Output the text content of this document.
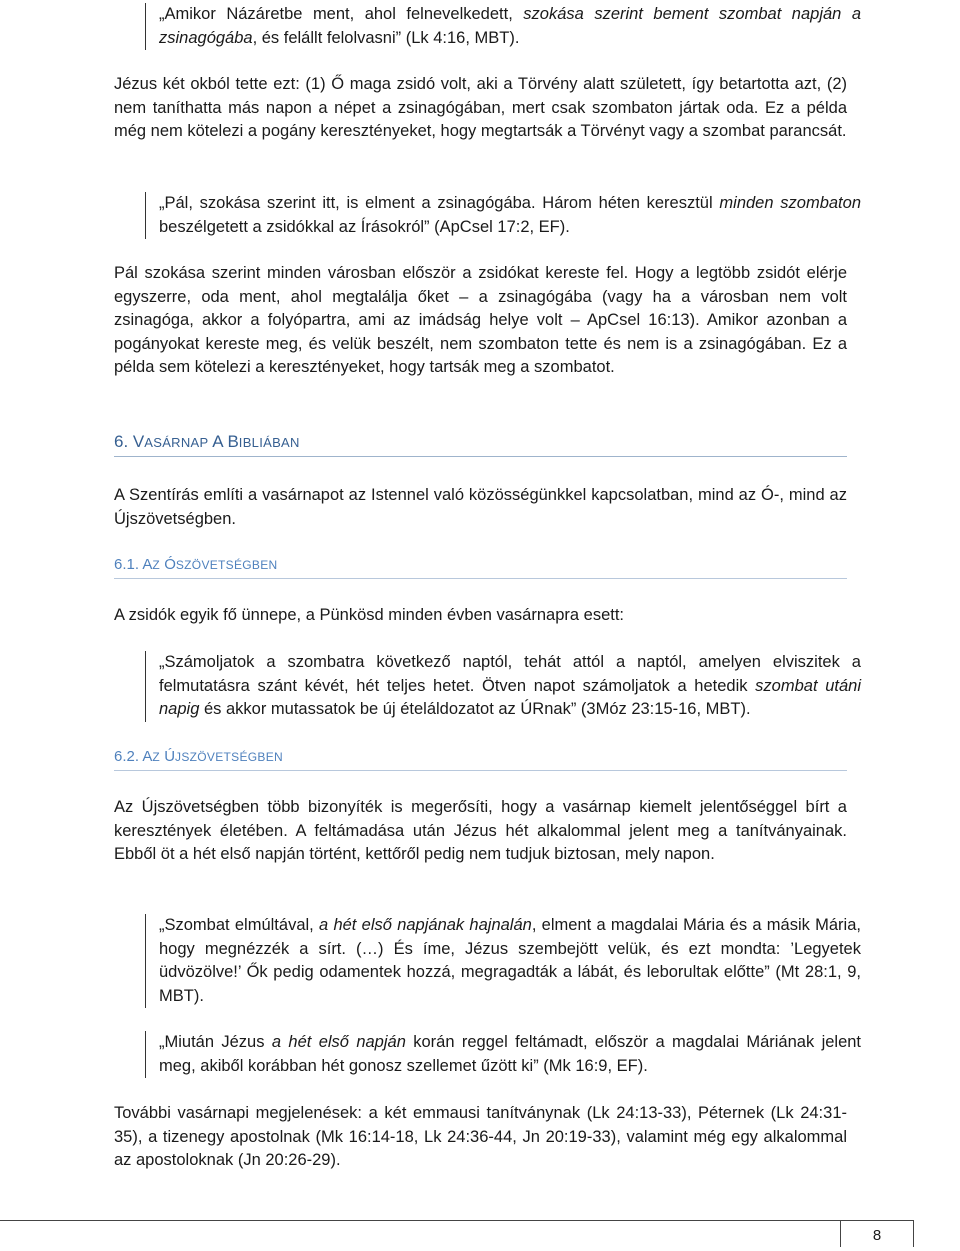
„Amikor Názáretbe ment, ahol felnevelkedett, szokása szerint bement szombat napján a zsinagógába, és felállt felolvasni” (Lk 4:16, MBT).

Jézus két okból tette ezt: (1) Ő maga zsidó volt, aki a Törvény alatt született, így betartotta azt, (2) nem taníthatta más napon a népet a zsinagógában, mert csak szombaton jártak oda. Ez a példa még nem kötelezi a pogány keresztényeket, hogy megtartsák a Törvényt vagy a szombat parancsát.

„Pál, szokása szerint itt, is elment a zsinagógába. Három héten keresztül minden szombaton beszélgetett a zsidókkal az Írásokról” (ApCsel 17:2, EF).

Pál szokása szerint minden városban először a zsidókat kereste fel. Hogy a legtöbb zsidót elérje egyszerre, oda ment, ahol megtalálja őket – a zsinagógába (vagy ha a városban nem volt zsinagóga, akkor a folyópartra, ami az imádság helye volt – ApCsel 16:13). Amikor azonban a pogányokat kereste meg, és velük beszélt, nem szombaton tette és nem is a zsinagógában. Ez a példa sem kötelezi a keresztényeket, hogy tartsák meg a szombatot.

6. VASÁRNAP A BIBLIÁBAN

A Szentírás említi a vasárnapot az Istennel való közösségünkkel kapcsolatban, mind az Ó-, mind az Újszövetségben.

6.1. AZ ÓSZÖVETSÉGBEN

A zsidók egyik fő ünnepe, a Pünkösd minden évben vasárnapra esett:

„Számoljatok a szombatra következő naptól, tehát attól a naptól, amelyen elviszitek a felmutatásra szánt kévét, hét teljes hetet. Ötven napot számoljatok a hetedik szombat utáni napig és akkor mutassatok be új ételáldozatot az ÚRnak” (3Móz 23:15-16, MBT).

6.2. AZ ÚJSZÖVETSÉGBEN

Az Újszövetségben több bizonyíték is megerősíti, hogy a vasárnap kiemelt jelentőséggel bírt a keresztények életében. A feltámadása után Jézus hét alkalommal jelent meg a tanítványainak. Ebből öt a hét első napján történt, kettőről pedig nem tudjuk biztosan, mely napon.

„Szombat elmúltával, a hét első napjának hajnalán, elment a magdalai Mária és a másik Mária, hogy megnézzék a sírt. (…) És íme, Jézus szembejött velük, és ezt mondta: ’Legyetek üdvözölve!’ Ők pedig odamentek hozzá, megragadták a lábát, és leborultak előtte” (Mt 28:1, 9, MBT).

„Miután Jézus a hét első napján korán reggel feltámadt, először a magdalai Máriának jelent meg, akiből korábban hét gonosz szellemet űzött ki” (Mk 16:9, EF).

További vasárnapi megjelenések: a két emmausi tanítványnak (Lk 24:13-33), Péternek (Lk 24:31-35), a tizenegy apostolnak (Mk 16:14-18, Lk 24:36-44, Jn 20:19-33), valamint még egy alkalommal az apostoloknak (Jn 20:26-29).

8
